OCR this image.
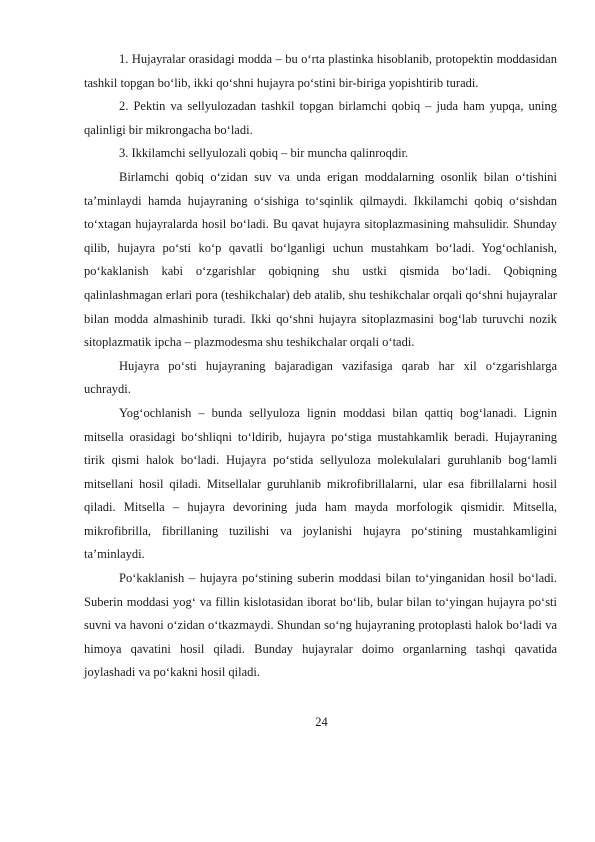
1. Hujayralar orasidagi modda – bu o‘rta plastinka hisoblanib, protopektin moddasidan tashkil topgan bo‘lib, ikki qo‘shni hujayra po‘stini bir-biriga yopishtirib turadi.

2. Pektin va sellyulozadan tashkil topgan birlamchi qobiq – juda ham yupqa, uning qalinligi bir mikrongacha bo‘ladi.

3. Ikkilamchi sellyulozali qobiq – bir muncha qalinroqdir.

Birlamchi qobiq o‘zidan suv va unda erigan moddalarning osonlik bilan o‘tishini ta’minlaydi hamda hujayraning o‘sishiga to‘sqinlik qilmaydi. Ikkilamchi qobiq o‘sishdan to‘xtagan hujayralarda hosil bo‘ladi. Bu qavat hujayra sitoplazmasining mahsulidir. Shunday qilib, hujayra po‘sti ko‘p qavatli bo‘lganligi uchun mustahkam bo‘ladi. Yog‘ochlanish, po‘kaklanish kabi o‘zgarishlar qobiqning shu ustki qismida bo‘ladi. Qobiqning qalinlashmagan erlari pora (teshikchalar) deb atalib, shu teshikchalar orqali qo‘shni hujayralar bilan modda almashinib turadi. Ikki qo‘shni hujayra sitoplazmasini bog‘lab turuvchi nozik sitoplazmatik ipcha – plazmodesma shu teshikchalar orqali o‘tadi.

Hujayra po‘sti hujayraning bajaradigan vazifasiga qarab har xil o‘zgarishlarga uchraydi.

Yog‘ochlanish – bunda sellyuloza lignin moddasi bilan qattiq bog‘lanadi. Lignin mitsella orasidagi bo‘shliqni to‘ldirib, hujayra po‘stiga mustahkamlik beradi. Hujayraning tirik qismi halok bo‘ladi. Hujayra po‘stida sellyuloza molekulalari guruhlanib bog‘lamli mitsellani hosil qiladi. Mitsellalar guruhlanib mikrofibrillalarni, ular esa fibrillalarni hosil qiladi. Mitsella – hujayra devorining juda ham mayda morfologik qismidir. Mitsella, mikrofibrilla, fibrillaning tuzilishi va joylanishi hujayra po‘stining mustahkamligini ta’minlaydi.

Po‘kaklanish – hujayra po‘stining suberin moddasi bilan to‘yinganidan hosil bo‘ladi. Suberin moddasi yog‘ va fillin kislotasidan iborat bo‘lib, bular bilan to‘yingan hujayra po‘sti suvni va havoni o‘zidan o‘tkazmaydi. Shundan so‘ng hujayraning protoplasti halok bo‘ladi va himoya qavatini hosil qiladi. Bunday hujayralar doimo organlarning tashqi qavatida joylashadi va po‘kakni hosil qiladi.

24
